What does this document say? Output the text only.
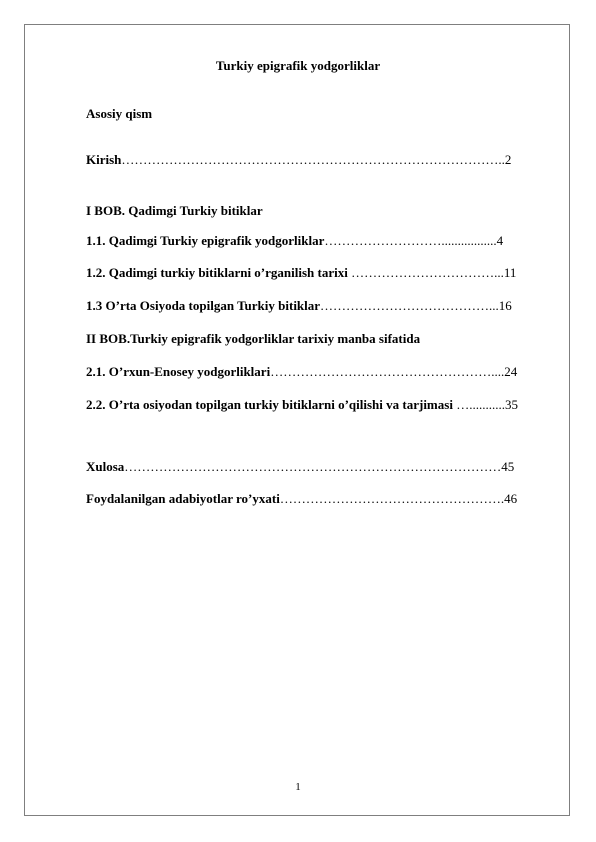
Turkiy epigrafik yodgorliklar
Asosiy qism
Kirish……………………………………………………………………………..2
I BOB. Qadimgi Turkiy bitiklar
1.1. Qadimgi Turkiy epigrafik yodgorliklar……………………….................4
1.2. Qadimgi turkiy bitiklarni o’rganilish tarixi ……………………………...11
1.3 O’rta Osiyoda topilgan Turkiy bitiklar…………………………………...16
II BOB.Turkiy epigrafik yodgorliklar tarixiy manba sifatida
2.1. O’rxun-Enosey yodgorliklari……………………………………………....24
2.2. O’rta osiyodan topilgan turkiy bitiklarni o’qilishi va tarjimasi …...........35
Xulosa……………………………………………………………………………45
Foydalanilgan adabiyotlar ro’yxati…………………………………………….46
1
